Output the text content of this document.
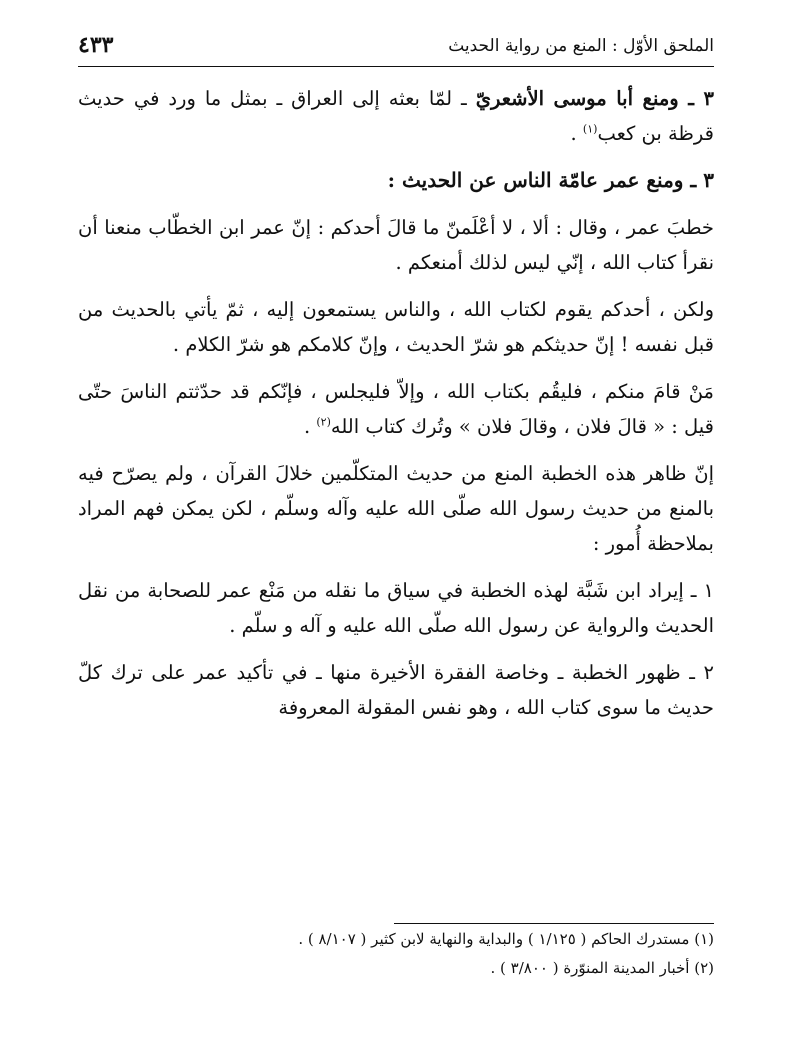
الملحق الأوّل : المنع من رواية الحديث
٤٣٣

٣ ـ ومنع أبا موسى الأشعريّ ـ لمّا بعثه إلى العراق ـ بمثل ما ورد في حديث قرظة بن كعب$^{(١)}$ .

٣ ـ ومنع عمر عامّة الناس عن الحديث :

خطبَ عمر ، وقال : ألا ، لا أعْلَمنّ ما قالَ أحدكم : إنّ عمر ابن الخطّاب منعنا أن نقرأ كتاب الله ، إنّي ليس لذلك أمنعكم .

ولكن ، أحدكم يقوم لكتاب الله ، والناس يستمعون إليه ، ثمّ يأتي بالحديث من قبل نفسه ! إنّ حديثكم هو شرّ الحديث ، وإنّ كلامكم هو شرّ الكلام .

مَنْ قامَ منكم ، فليقُم بكتاب الله ، وإلاّ فليجلس ، فإنّكم قد حدّثتم الناسَ حتّى قيل : « قالَ فلان ، وقالَ فلان » وتُرك كتاب الله$^{(٢)}$ .

إنّ ظاهر هذه الخطبة المنع من حديث المتكلّمين خلالَ القرآن ، ولم يصرّح فيه بالمنع من حديث رسول الله صلّى الله عليه وآله وسلّم ، لكن يمكن فهم المراد بملاحظة أُمور :

١ ـ إيراد ابن شَبَّة لهذه الخطبة في سياق ما نقله من مَنْع عمر للصحابة من نقل الحديث والرواية عن رسول الله صلّى الله عليه و آله و سلّم .

٢ ـ ظهور الخطبة ـ وخاصة الفقرة الأخيرة منها ـ في تأكيد عمر على ترك كلّ حديث ما سوى كتاب الله ، وهو نفس المقولة المعروفة

(١) مستدرك الحاكم ( ١/١٢٥ ) والبداية والنهاية لابن كثير ( ٨/١٠٧ ) .
(٢) أخبار المدينة المنوّرة ( ٣/٨٠٠ ) .
